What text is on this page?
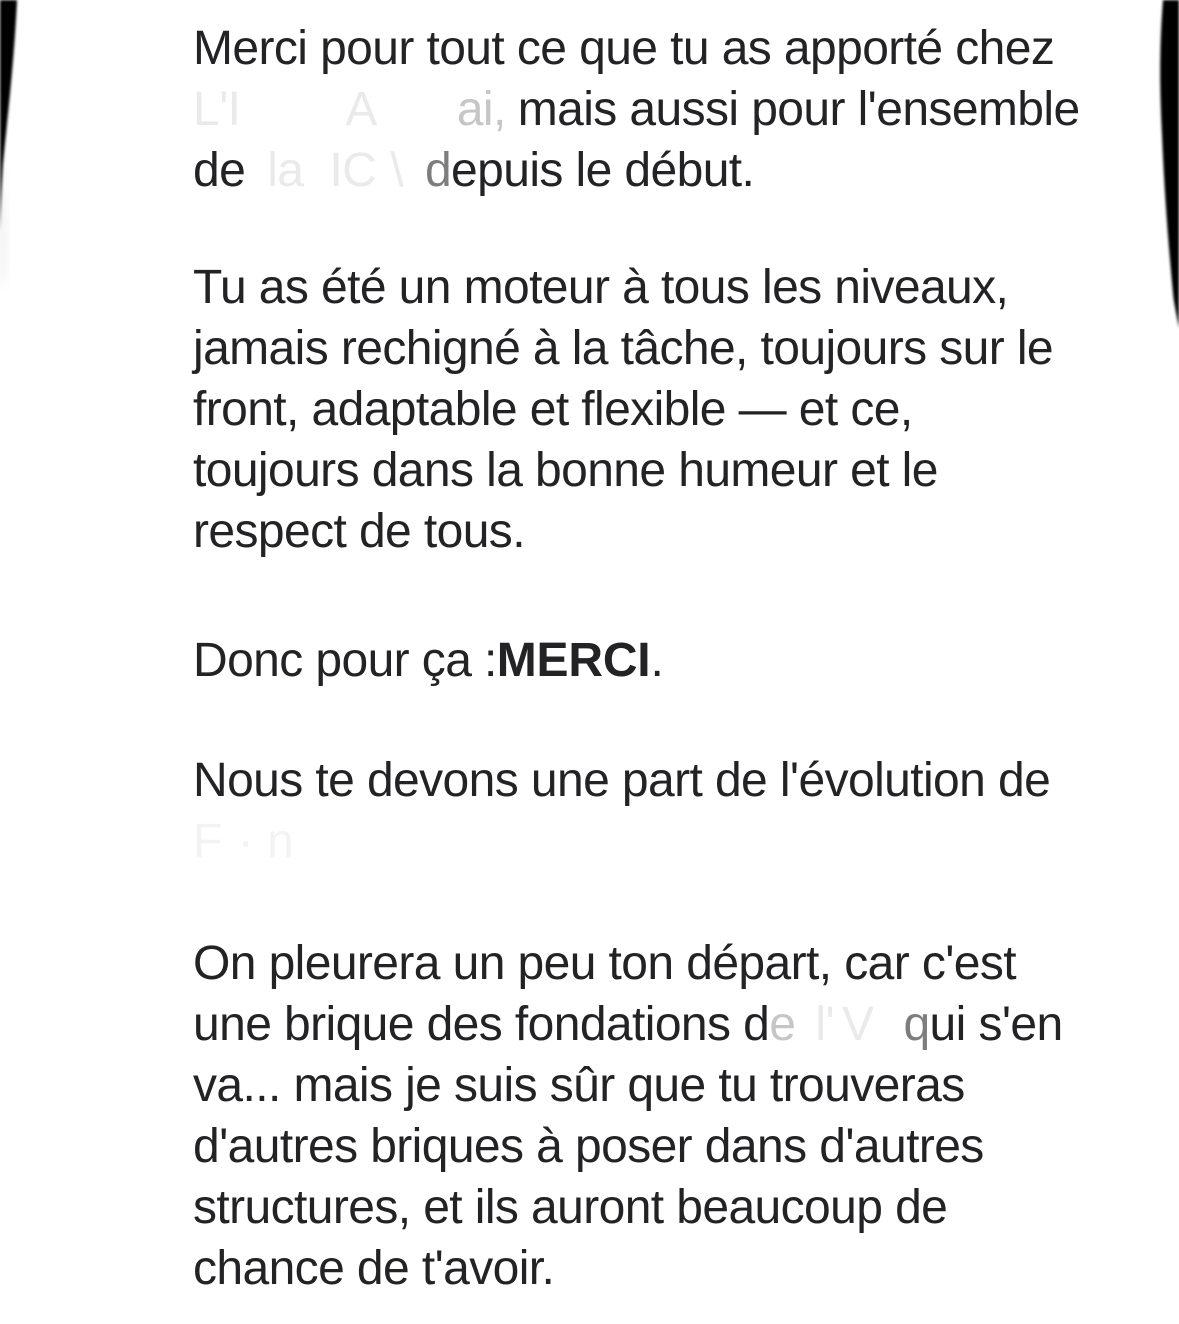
Merci pour tout ce que tu as apporté chez
L'I A ai, mais aussi pour l'ensemble
de la IC \ depuis le début.
Tu as été un moteur à tous les niveaux,
jamais rechigné à la tâche, toujours sur le
front, adaptable et flexible — et ce,
toujours dans la bonne humeur et le
respect de tous.
Donc pour ça :MERCI.
Nous te devons une part de l'évolution de
F · n
On pleurera un peu ton départ, car c'est
une brique des fondations de l' V qui s'en
va... mais je suis sûr que tu trouveras
d'autres briques à poser dans d'autres
structures, et ils auront beaucoup de
chance de t'avoir.
